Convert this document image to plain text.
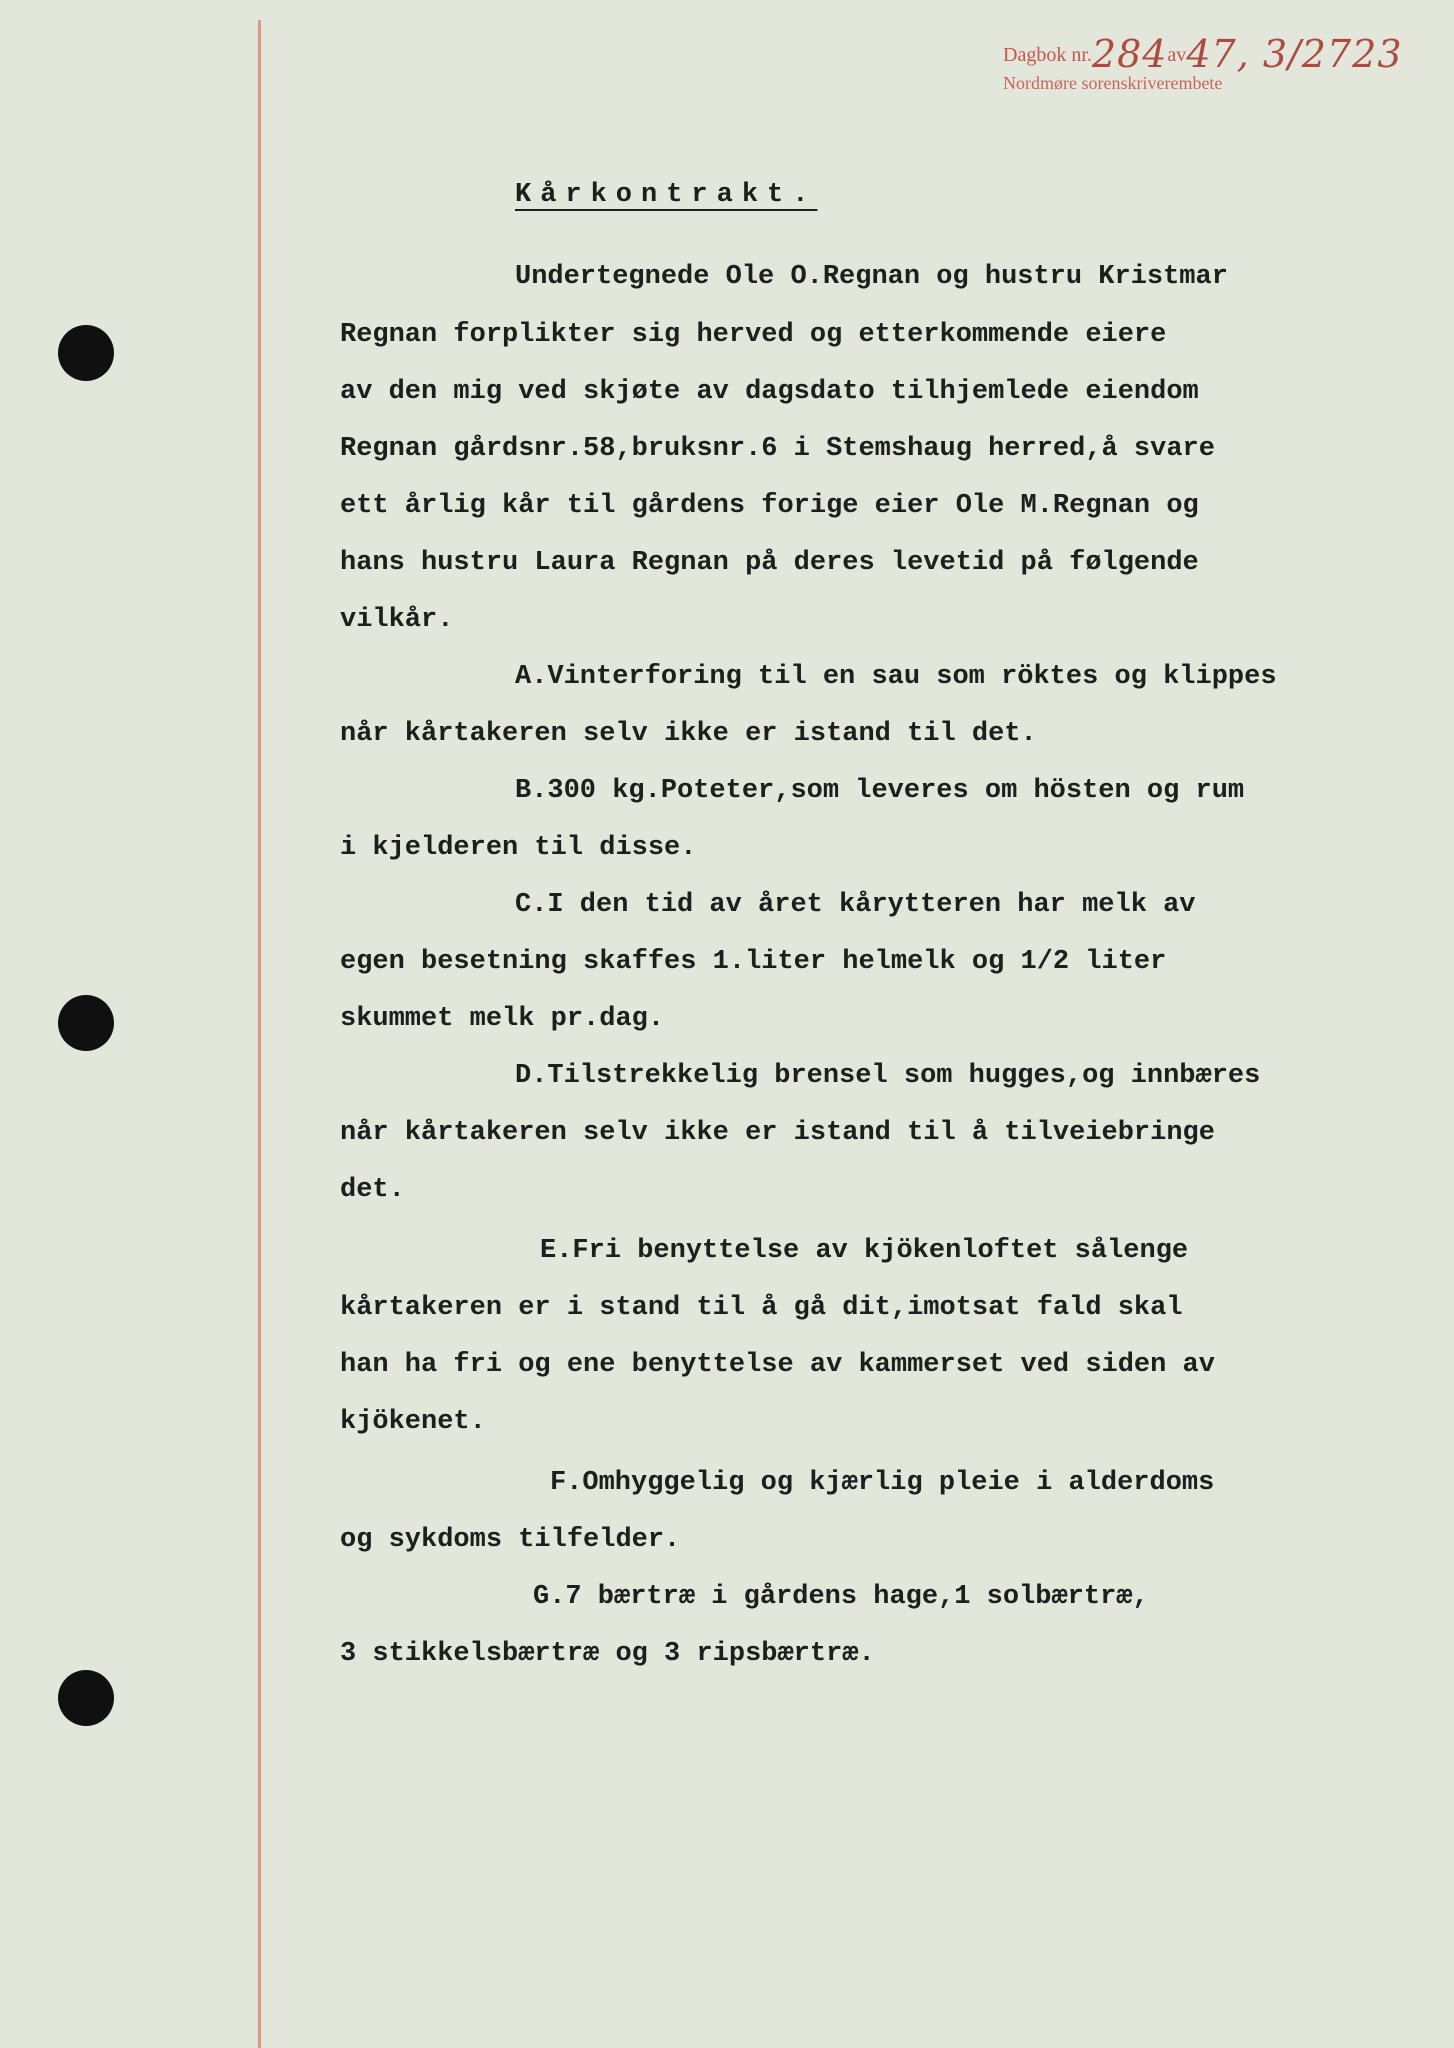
Dagbok nr.284av47, 3/2723
Nordmøre sorenskriverembete
Kårkontrakt.
Undertegnede Ole O.Regnan og hustru Kristmar
Regnan forplikter sig herved og etterkommende eiere
av den mig ved skjøte av dagsdato tilhjemlede eiendom
Regnan gårdsnr.58,bruksnr.6 i Stemshaug herred,å svare
ett årlig kår til gårdens forige eier Ole M.Regnan og
hans hustru Laura Regnan på deres levetid på følgende
vilkår.
A.Vinterforing til en sau som röktes og klippes
når kårtakeren selv ikke er istand til det.
B.300 kg.Poteter,som leveres om hösten og rum
i kjelderen til disse.
C.I den tid av året kårytteren har melk av
egen besetning skaffes 1.liter helmelk og 1/2 liter
skummet melk pr.dag.
D.Tilstrekkelig brensel som hugges,og innbæres
når kårtakeren selv ikke er istand til å tilveiebringe
det.
E.Fri benyttelse av kjökenloftet sålenge
kårtakeren er i stand til å gå dit,imotsat fald skal
han ha fri og ene benyttelse av kammerset ved siden av
kjökenet.
F.Omhyggelig og kjærlig pleie i alderdoms
og sykdoms tilfelder.
G.7 bærtræ i gårdens hage,1 solbærtræ,
3 stikkelsbærtræ og 3 ripsbærtræ.
